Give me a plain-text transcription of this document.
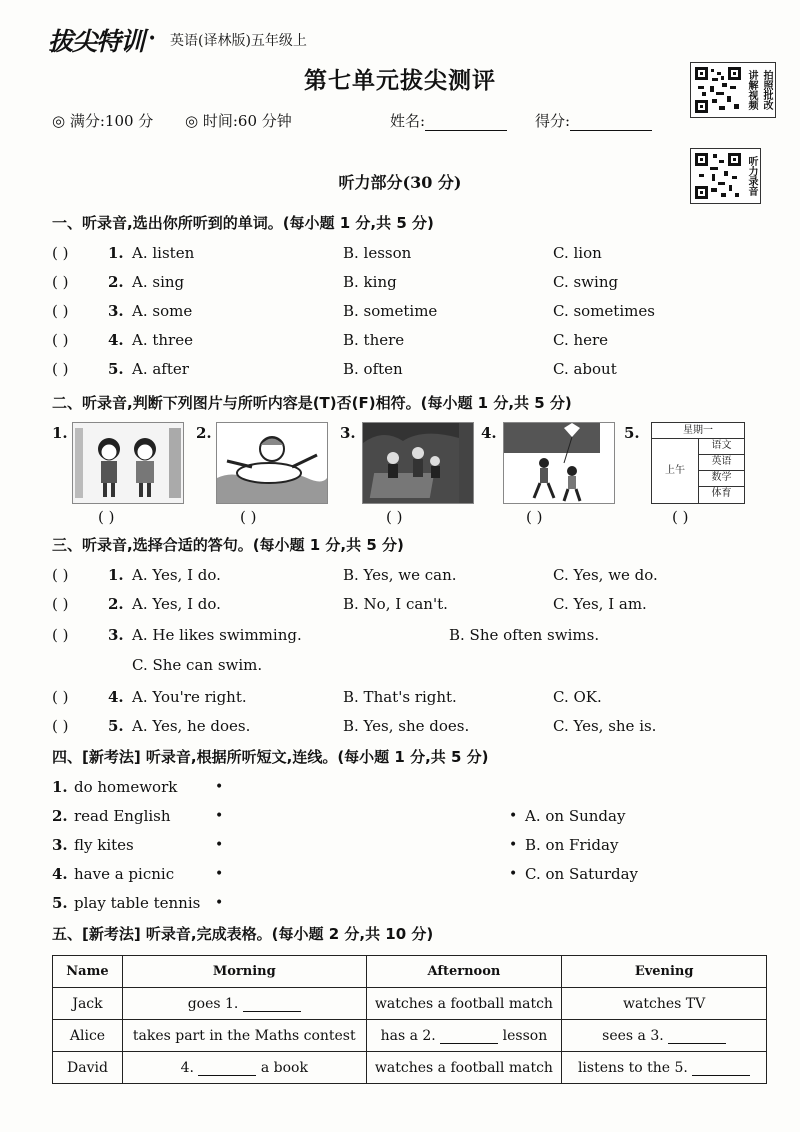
拔尖特训 • 英语(译林版)五年级上
第七单元拔尖测评	讲解视频 拍照批改
听力录音
◎ 满分:100 分 ◎ 时间:60 分钟	姓名:	得分:
听力部分(30 分)
一、听录音,选出你所听到的单词。(每小题 1 分,共 5 分)
( )	1. A. listen	B. lesson	C. lion
( )	2. A. sing	B. king	C. swing
( )	3. A. some	B. sometime	C. sometimes
( )	4. A. three	B. there	C. here
( )	5. A. after	B. often	C. about
二、听录音,判断下列图片与所听内容是(T)否(F)相符。(每小题 1 分,共 5 分)
1.	2.	3.	4.	5.	星期一
上午
语文
英语
数学
体育
( )	( )	( )	( )	( )
三、听录音,选择合适的答句。(每小题 1 分,共 5 分)
( )	1. A. Yes, I do.	B. Yes, we can.	C. Yes, we do.
( )	2. A. Yes, I do.	B. No, I can't.	C. Yes, I am.
( )	3. A. He likes swimming.	B. She often swims.
C. She can swim.
( )	4. A. You're right.	B. That's right.	C. OK.
( )	5. A. Yes, he does.	B. Yes, she does.	C. Yes, she is.
四、[新考法] 听录音,根据所听短文,连线。(每小题 1 分,共 5 分)
1. do homework	•
2. read English	•
3. fly kites	•
4. have a picnic	•
5. play table tennis •
• A. on Sunday
• B. on Friday
• C. on Saturday
五、[新考法] 听录音,完成表格。(每小题 2 分,共 10 分)
Name	Morning	Afternoon	Evening
Jack	goes 1.	watches a football match	watches TV
Alice	takes part in the Maths contest	has a 2. lesson	sees a 3.
David	4. a book	watches a football match	listens to the 5.
